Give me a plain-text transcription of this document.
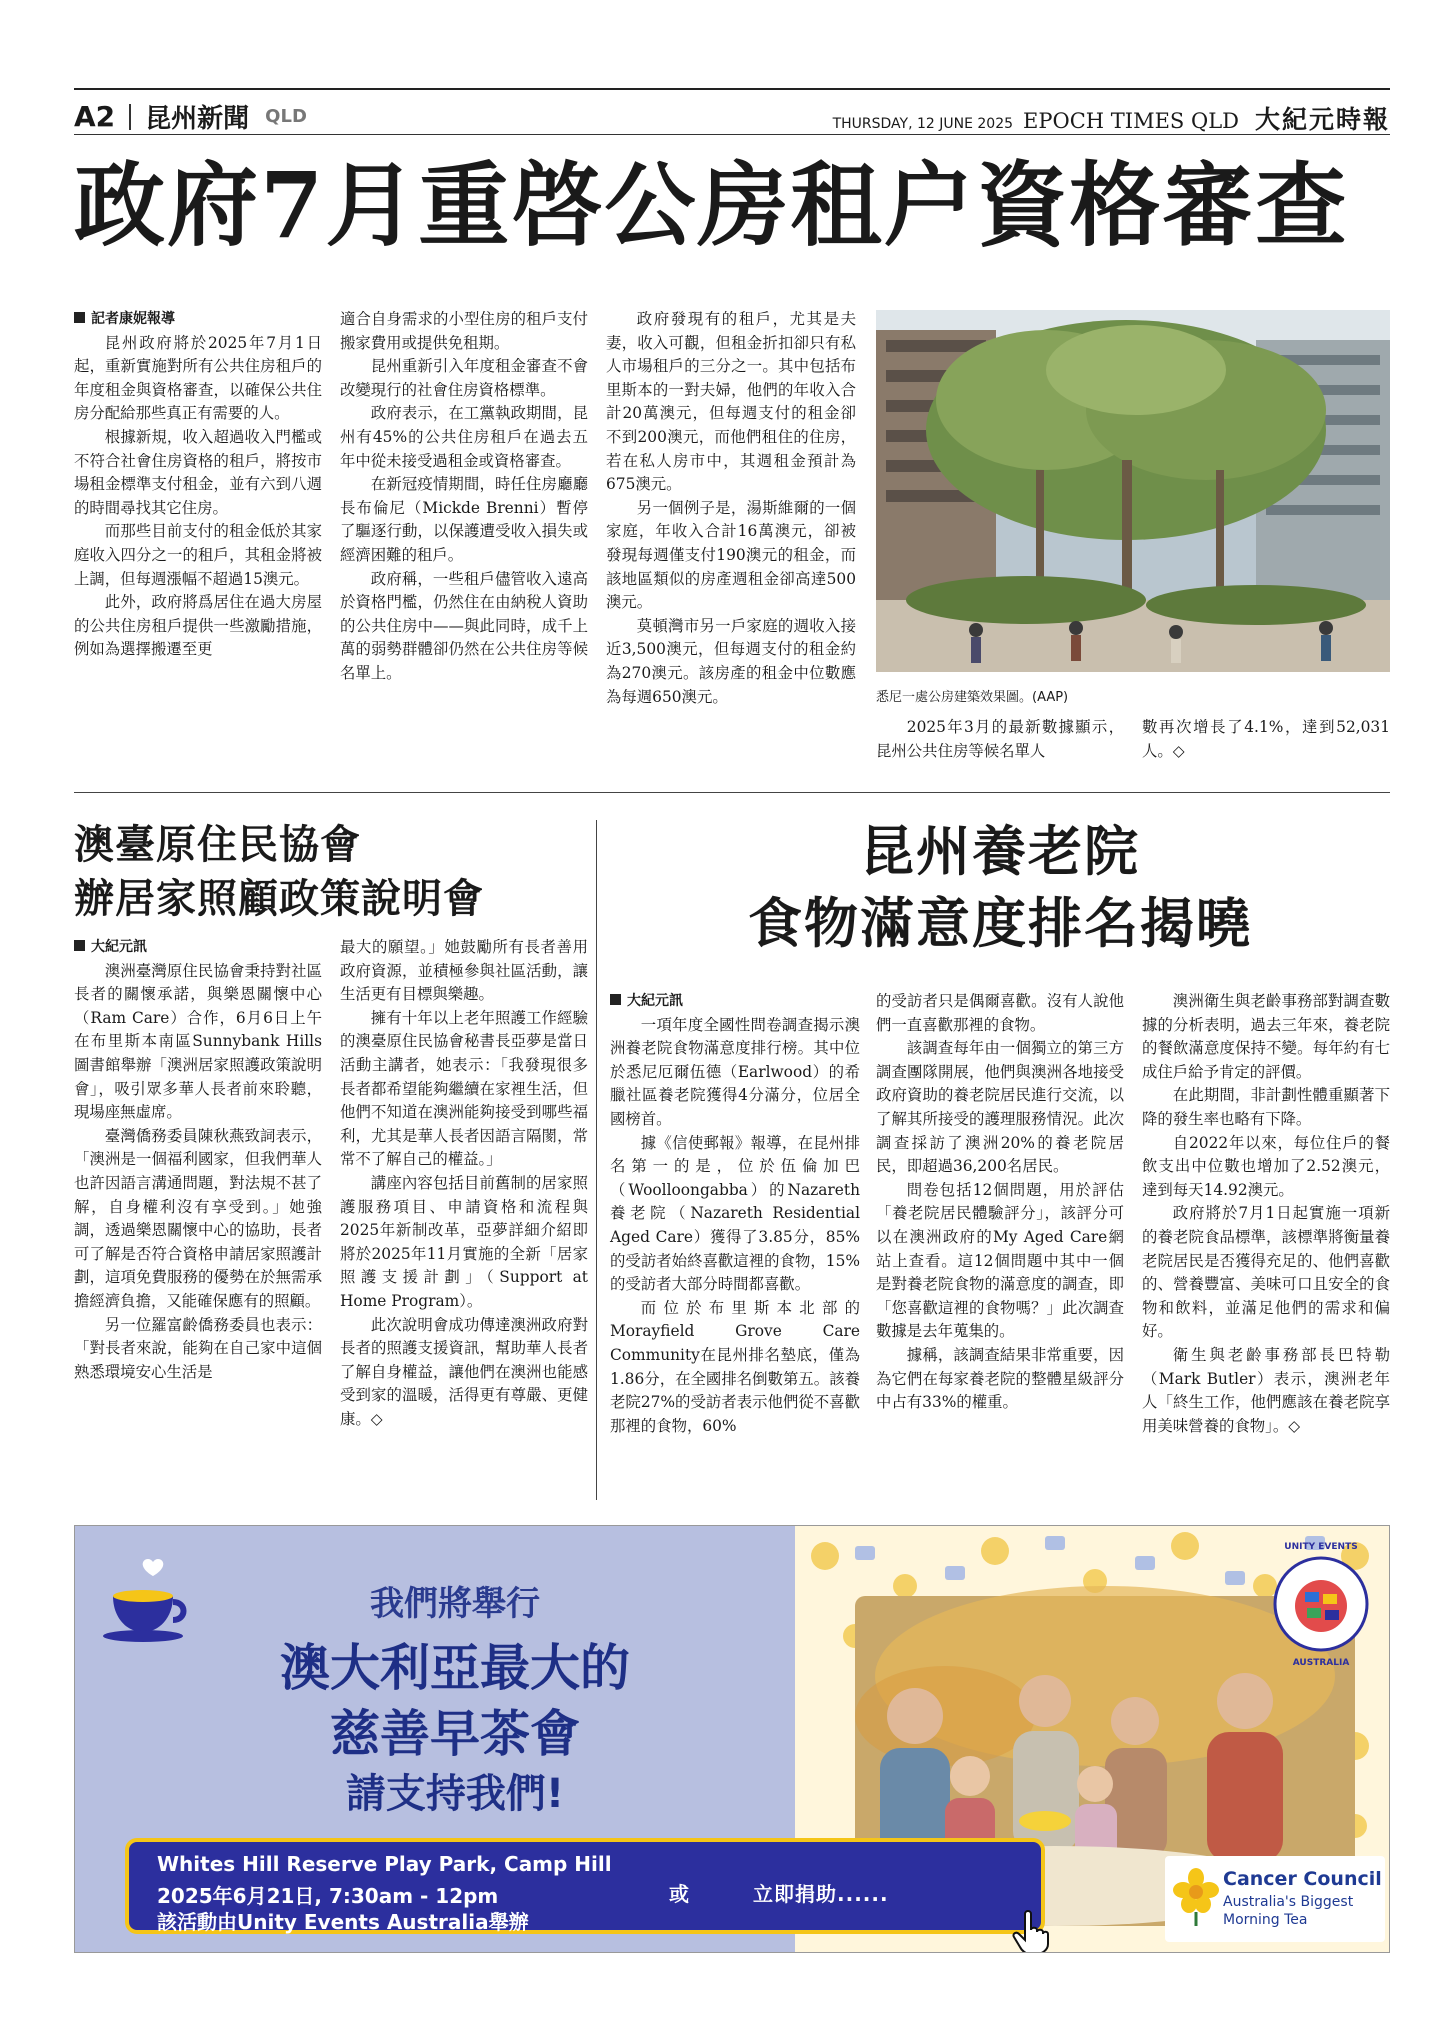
A2 昆州新聞 QLD	THURSDAY, 12 JUNE 2025 EPOCH TIMES QLD 大紀元時報
政府7月重啓公房租户資格審查

記者康妮報導

昆州政府將於2025年7月1日起，重新實施對所有公共住房租戶的年度租金與資格審查，以確保公共住房分配給那些真正有需要的人。

根據新規，收入超過收入門檻或不符合社會住房資格的租戶，將按市場租金標準支付租金，並有六到八週的時間尋找其它住房。

而那些目前支付的租金低於其家庭收入四分之一的租戶，其租金將被上調，但每週漲幅不超過15澳元。

此外，政府將爲居住在過大房屋的公共住房租戶提供一些激勵措施，例如為選擇搬遷至更

適合自身需求的小型住房的租戶支付搬家費用或提供免租期。

昆州重新引入年度租金審查不會改變現行的社會住房資格標準。

政府表示，在工黨執政期間，昆州有45%的公共住房租戶在過去五年中從未接受過租金或資格審查。

在新冠疫情期間，時任住房廳廳長布倫尼（Mickde Brenni）暫停了驅逐行動，以保護遭受收入損失或經濟困難的租戶。

政府稱，一些租戶儘管收入遠高於資格門檻，仍然住在由納稅人資助的公共住房中——與此同時，成千上萬的弱勢群體卻仍然在公共住房等候名單上。

政府發現有的租戶，尤其是夫妻，收入可觀，但租金折扣卻只有私人市場租戶的三分之一。其中包括布里斯本的一對夫婦，他們的年收入合計20萬澳元，但每週支付的租金卻不到200澳元，而他們租住的住房，若在私人房市中，其週租金預計為675澳元。

另一個例子是，湯斯維爾的一個家庭，年收入合計16萬澳元，卻被發現每週僅支付190澳元的租金，而該地區類似的房產週租金卻高達500澳元。

莫頓灣市另一戶家庭的週收入接近3,500澳元，但每週支付的租金約為270澳元。該房產的租金中位數應為每週650澳元。	悉尼一處公房建築效果圖。(AAP)

2025年3月的最新數據顯示，昆州公共住房等候名單人

數再次增長了4.1%，達到52,031人。◇

澳臺原住民協會
辦居家照顧政策說明會

大紀元訊

澳洲臺灣原住民協會秉持對社區長者的關懷承諾，與樂恩關懷中心（Ram Care）合作，6月6日上午在布里斯本南區Sunnybank Hills圖書館舉辦「澳洲居家照護政策說明會」，吸引眾多華人長者前來聆聽，現場座無虛席。

臺灣僑務委員陳秋燕致詞表示，「澳洲是一個福利國家，但我們華人也許因語言溝通問題，對法規不甚了解，自身權利沒有享受到。」她強調，透過樂恩關懷中心的協助，長者可了解是否符合資格申請居家照護計劃，這項免費服務的優勢在於無需承擔經濟負擔，又能確保應有的照顧。

另一位羅富齡僑務委員也表示：「對長者來說，能夠在自己家中這個熟悉環境安心生活是

最大的願望。」她鼓勵所有長者善用政府資源，並積極參與社區活動，讓生活更有目標與樂趣。

擁有十年以上老年照護工作經驗的澳臺原住民協會秘書長亞夢是當日活動主講者，她表示：「我發現很多長者都希望能夠繼續在家裡生活，但他們不知道在澳洲能夠接受到哪些福利，尤其是華人長者因語言隔閡，常常不了解自己的權益。」

講座內容包括目前舊制的居家照護服務項目、申請資格和流程與2025年新制改革，亞夢詳細介紹即將於2025年11月實施的全新「居家照護支援計劃」（Support at Home Program）。

此次說明會成功傳達澳洲政府對長者的照護支援資訊，幫助華人長者了解自身權益，讓他們在澳洲也能感受到家的溫暖，活得更有尊嚴、更健康。◇

昆州養老院
食物滿意度排名揭曉

大紀元訊

一項年度全國性問卷調查揭示澳洲養老院食物滿意度排行榜。其中位於悉尼厄爾伍德（Earlwood）的希臘社區養老院獲得4分滿分，位居全國榜首。

據《信使郵報》報導，在昆州排名第一的是，位於伍倫加巴（Woolloongabba）的Nazareth養老院（Nazareth Residential Aged Care）獲得了3.85分，85%的受訪者始終喜歡這裡的食物，15%的受訪者大部分時間都喜歡。

而位於布里斯本北部的Morayfield Grove Care Community在昆州排名墊底，僅為1.86分，在全國排名倒數第五。該養老院27%的受訪者表示他們從不喜歡那裡的食物，60%

的受訪者只是偶爾喜歡。沒有人說他們一直喜歡那裡的食物。

該調查每年由一個獨立的第三方調查團隊開展，他們與澳洲各地接受政府資助的養老院居民進行交流，以了解其所接受的護理服務情況。此次調查採訪了澳洲20%的養老院居民，即超過36,200名居民。

問卷包括12個問題，用於評估「養老院居民體驗評分」，該評分可以在澳洲政府的My Aged Care網站上查看。這12個問題中其中一個是對養老院食物的滿意度的調查，即「您喜歡這裡的食物嗎？」此次調查數據是去年蒐集的。

據稱，該調查結果非常重要，因為它們在每家養老院的整體星級評分中占有33%的權重。

澳洲衛生與老齡事務部對調查數據的分析表明，過去三年來，養老院的餐飲滿意度保持不變。每年約有七成住戶給予肯定的評價。

在此期間，非計劃性體重顯著下降的發生率也略有下降。

自2022年以來，每位住戶的餐飲支出中位數也增加了2.52澳元，達到每天14.92澳元。

政府將於7月1日起實施一項新的養老院食品標準，該標準將衡量養老院居民是否獲得充足的、他們喜歡的、營養豐富、美味可口且安全的食物和飲料，並滿足他們的需求和偏好。

衛生與老齡事務部長巴特勒（Mark Butler）表示，澳洲老年人「終生工作，他們應該在養老院享用美味營養的食物」。◇

我們將舉行
澳大利亞最大的
慈善早茶會
請支持我們!
UNITY EVENTS
AUSTRALIA
Whites Hill Reserve Play Park, Camp Hill
2025年6月21日, 7:30am - 12pm
該活動由Unity Events Australia舉辦
或	立即捐助......
Cancer Council
Australia's Biggest
Morning Tea
